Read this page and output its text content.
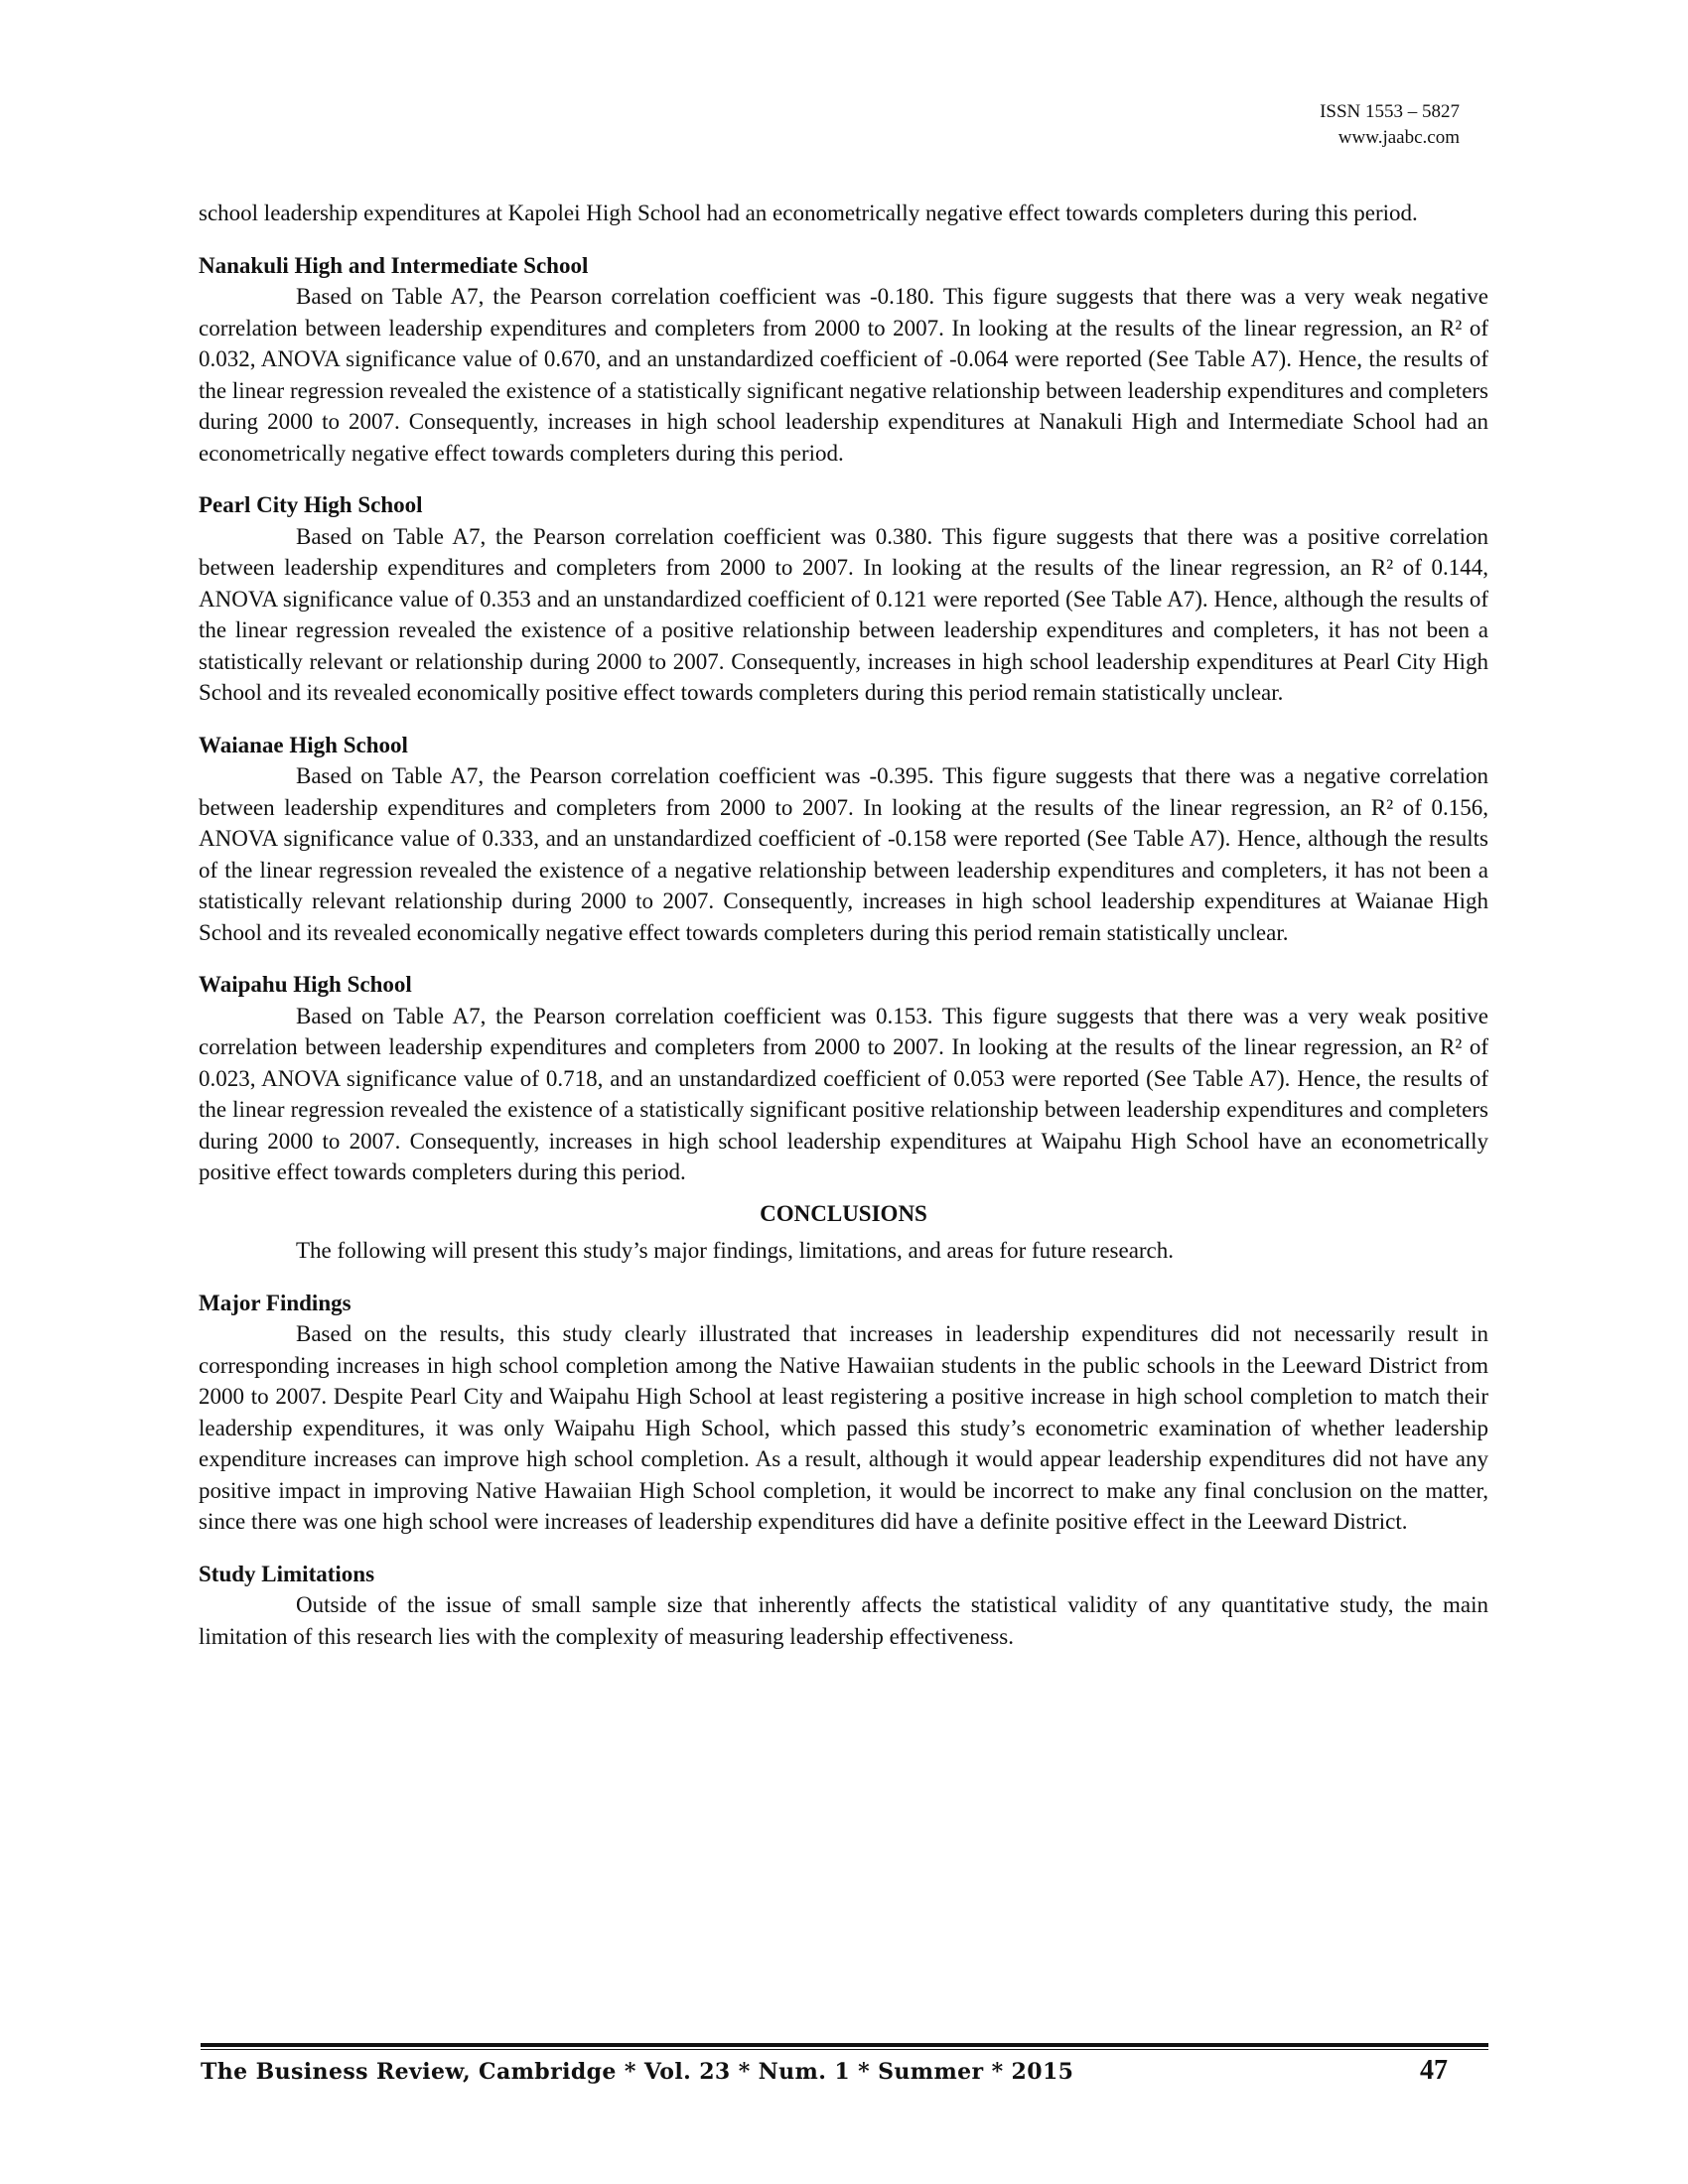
ISSN 1553 – 5827
www.jaabc.com

school leadership expenditures at Kapolei High School had an econometrically negative effect towards completers during this period.

Nanakuli High and Intermediate School

Based on Table A7, the Pearson correlation coefficient was -0.180. This figure suggests that there was a very weak negative correlation between leadership expenditures and completers from 2000 to 2007. In looking at the results of the linear regression, an R² of 0.032, ANOVA significance value of 0.670, and an unstandardized coefficient of -0.064 were reported (See Table A7). Hence, the results of the linear regression revealed the existence of a statistically significant negative relationship between leadership expenditures and completers during 2000 to 2007. Consequently, increases in high school leadership expenditures at Nanakuli High and Intermediate School had an econometrically negative effect towards completers during this period.

Pearl City High School

Based on Table A7, the Pearson correlation coefficient was 0.380. This figure suggests that there was a positive correlation between leadership expenditures and completers from 2000 to 2007. In looking at the results of the linear regression, an R² of 0.144, ANOVA significance value of 0.353 and an unstandardized coefficient of 0.121 were reported (See Table A7). Hence, although the results of the linear regression revealed the existence of a positive relationship between leadership expenditures and completers, it has not been a statistically relevant or relationship during 2000 to 2007. Consequently, increases in high school leadership expenditures at Pearl City High School and its revealed economically positive effect towards completers during this period remain statistically unclear.

Waianae High School

Based on Table A7, the Pearson correlation coefficient was -0.395. This figure suggests that there was a negative correlation between leadership expenditures and completers from 2000 to 2007. In looking at the results of the linear regression, an R² of 0.156, ANOVA significance value of 0.333, and an unstandardized coefficient of -0.158 were reported (See Table A7). Hence, although the results of the linear regression revealed the existence of a negative relationship between leadership expenditures and completers, it has not been a statistically relevant relationship during 2000 to 2007. Consequently, increases in high school leadership expenditures at Waianae High School and its revealed economically negative effect towards completers during this period remain statistically unclear.

Waipahu High School

Based on Table A7, the Pearson correlation coefficient was 0.153. This figure suggests that there was a very weak positive correlation between leadership expenditures and completers from 2000 to 2007. In looking at the results of the linear regression, an R² of 0.023, ANOVA significance value of 0.718, and an unstandardized coefficient of 0.053 were reported (See Table A7). Hence, the results of the linear regression revealed the existence of a statistically significant positive relationship between leadership expenditures and completers during 2000 to 2007. Consequently, increases in high school leadership expenditures at Waipahu High School have an econometrically positive effect towards completers during this period.

CONCLUSIONS

The following will present this study’s major findings, limitations, and areas for future research.

Major Findings

Based on the results, this study clearly illustrated that increases in leadership expenditures did not necessarily result in corresponding increases in high school completion among the Native Hawaiian students in the public schools in the Leeward District from 2000 to 2007. Despite Pearl City and Waipahu High School at least registering a positive increase in high school completion to match their leadership expenditures, it was only Waipahu High School, which passed this study’s econometric examination of whether leadership expenditure increases can improve high school completion. As a result, although it would appear leadership expenditures did not have any positive impact in improving Native Hawaiian High School completion, it would be incorrect to make any final conclusion on the matter, since there was one high school were increases of leadership expenditures did have a definite positive effect in the Leeward District.

Study Limitations

Outside of the issue of small sample size that inherently affects the statistical validity of any quantitative study, the main limitation of this research lies with the complexity of measuring leadership effectiveness.

The Business Review, Cambridge * Vol. 23 * Num. 1 * Summer * 2015	47
